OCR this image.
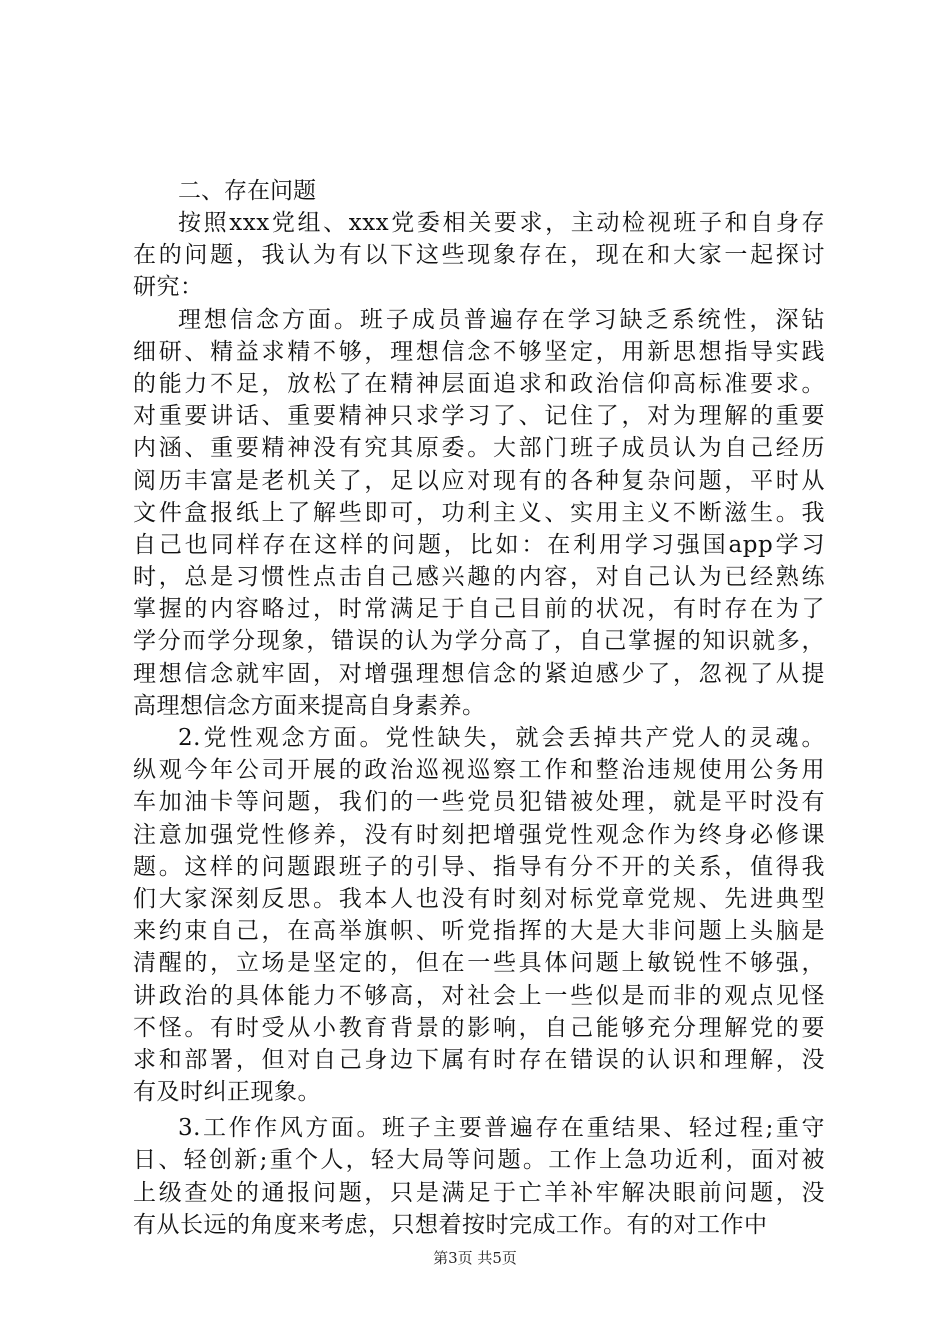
二、存在问题
按照xxx党组、xxx党委相关要求，主动检视班子和自身存
在的问题，我认为有以下这些现象存在，现在和大家一起探讨
研究：
理想信念方面。班子成员普遍存在学习缺乏系统性，深钻
细研、精益求精不够，理想信念不够坚定，用新思想指导实践
的能力不足，放松了在精神层面追求和政治信仰高标准要求。
对重要讲话、重要精神只求学习了、记住了，对为理解的重要
内涵、重要精神没有究其原委。大部门班子成员认为自己经历
阅历丰富是老机关了，足以应对现有的各种复杂问题，平时从
文件盒报纸上了解些即可，功利主义、实用主义不断滋生。我
自己也同样存在这样的问题，比如：在利用学习强国app学习
时，总是习惯性点击自己感兴趣的内容，对自己认为已经熟练
掌握的内容略过，时常满足于自己目前的状况，有时存在为了
学分而学分现象，错误的认为学分高了，自己掌握的知识就多，
理想信念就牢固，对增强理想信念的紧迫感少了，忽视了从提
高理想信念方面来提高自身素养。
2.党性观念方面。党性缺失，就会丢掉共产党人的灵魂。
纵观今年公司开展的政治巡视巡察工作和整治违规使用公务用
车加油卡等问题，我们的一些党员犯错被处理，就是平时没有
注意加强党性修养，没有时刻把增强党性观念作为终身必修课
题。这样的问题跟班子的引导、指导有分不开的关系，值得我
们大家深刻反思。我本人也没有时刻对标党章党规、先进典型
来约束自己，在高举旗帜、听党指挥的大是大非问题上头脑是
清醒的，立场是坚定的，但在一些具体问题上敏锐性不够强，
讲政治的具体能力不够高，对社会上一些似是而非的观点见怪
不怪。有时受从小教育背景的影响，自己能够充分理解党的要
求和部署，但对自己身边下属有时存在错误的认识和理解，没
有及时纠正现象。
3.工作作风方面。班子主要普遍存在重结果、轻过程;重守
日、轻创新;重个人，轻大局等问题。工作上急功近利，面对被
上级查处的通报问题，只是满足于亡羊补牢解决眼前问题，没
有从长远的角度来考虑，只想着按时完成工作。有的对工作中
第3页 共5页
